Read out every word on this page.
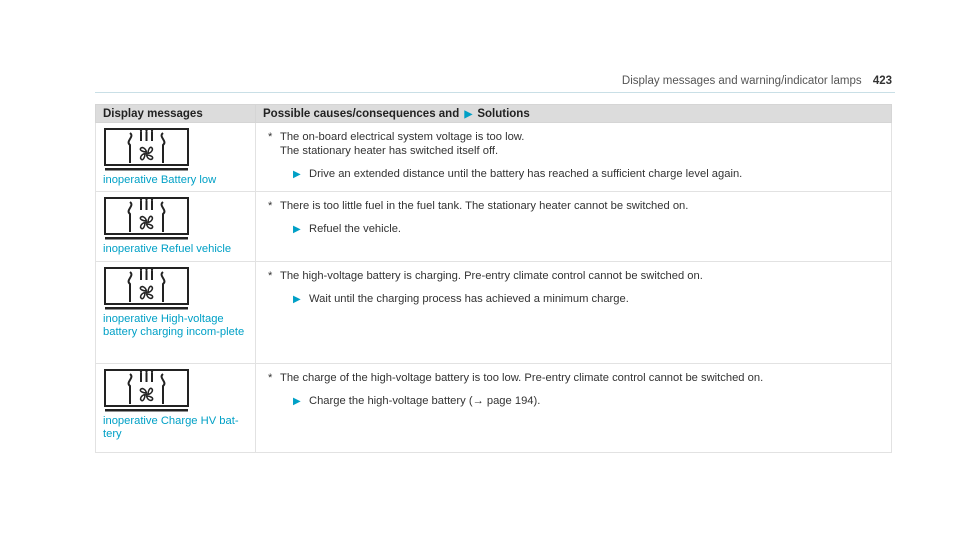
Display messages and warning/indicator lamps 423
Display messages	Possible causes/consequences and ▶ Solutions

inoperative Battery low	* The on-board electrical system voltage is too low.
The stationary heater has switched itself off.
▶ Drive an extended distance until the battery has reached a sufficient charge level again.

inoperative Refuel vehicle	* There is too little fuel in the fuel tank. The stationary heater cannot be switched on.
▶ Refuel the vehicle.

inoperative High-voltage battery charging incom-plete	* The high-voltage battery is charging. Pre-entry climate control cannot be switched on.
▶ Wait until the charging process has achieved a minimum charge.

inoperative Charge HV bat-tery	* The charge of the high-voltage battery is too low. Pre-entry climate control cannot be switched on.
▶ Charge the high-voltage battery (→ page 194).
